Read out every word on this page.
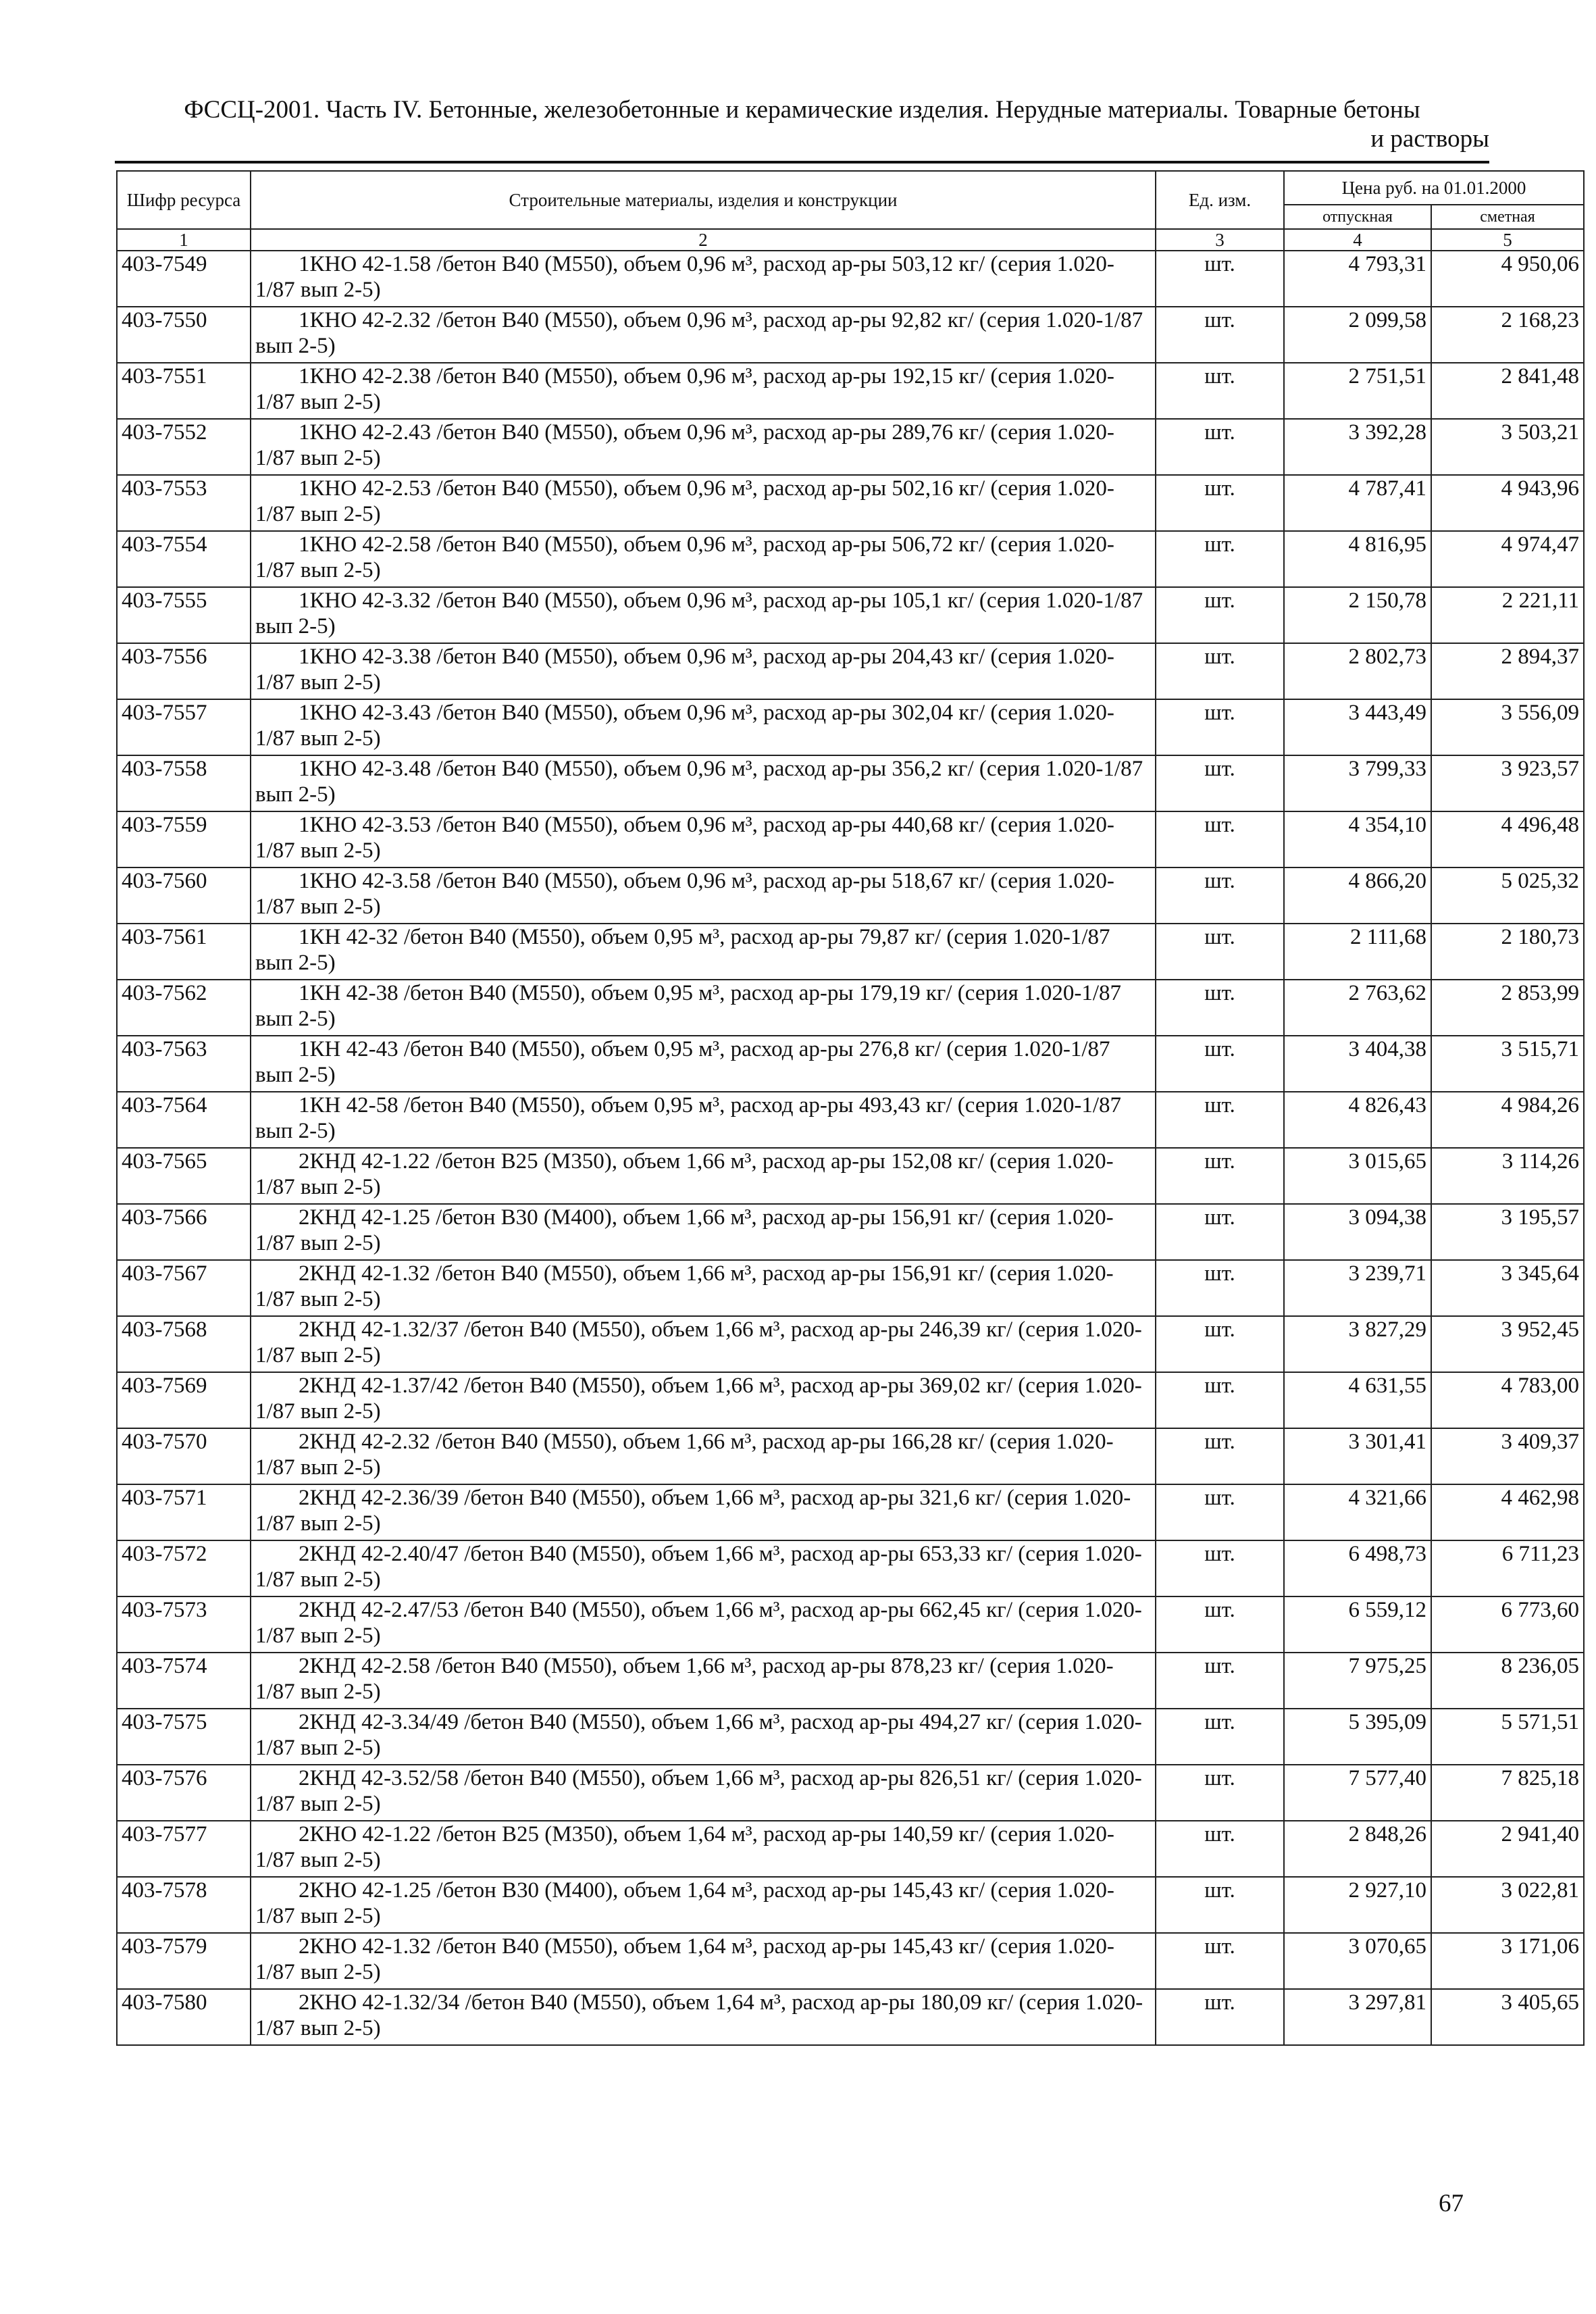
ФССЦ-2001. Часть IV. Бетонные, железобетонные и керамические изделия. Нерудные материалы. Товарные бетоны
и растворы
Шифр ресурса	Строительные материалы, изделия и конструкции	Ед. изм.	Цена руб. на 01.01.2000	
			отпускная	сметная
1	2	3	4	5
403-7549	1КНО 42-1.58 /бетон В40 (М550), объем 0,96 м³, расход ар-ры 503,12 кг/ (серия 1.020-1/87 вып 2-5)	шт.	4 793,31	4 950,06
403-7550	1КНО 42-2.32 /бетон В40 (М550), объем 0,96 м³, расход ар-ры 92,82 кг/ (серия 1.020-1/87 вып 2-5)	шт.	2 099,58	2 168,23
403-7551	1КНО 42-2.38 /бетон В40 (М550), объем 0,96 м³, расход ар-ры 192,15 кг/ (серия 1.020-1/87 вып 2-5)	шт.	2 751,51	2 841,48
403-7552	1КНО 42-2.43 /бетон В40 (М550), объем 0,96 м³, расход ар-ры 289,76 кг/ (серия 1.020-1/87 вып 2-5)	шт.	3 392,28	3 503,21
403-7553	1КНО 42-2.53 /бетон В40 (М550), объем 0,96 м³, расход ар-ры 502,16 кг/ (серия 1.020-1/87 вып 2-5)	шт.	4 787,41	4 943,96
403-7554	1КНО 42-2.58 /бетон В40 (М550), объем 0,96 м³, расход ар-ры 506,72 кг/ (серия 1.020-1/87 вып 2-5)	шт.	4 816,95	4 974,47
403-7555	1КНО 42-3.32 /бетон В40 (М550), объем 0,96 м³, расход ар-ры 105,1 кг/ (серия 1.020-1/87 вып 2-5)	шт.	2 150,78	2 221,11
403-7556	1КНО 42-3.38 /бетон В40 (М550), объем 0,96 м³, расход ар-ры 204,43 кг/ (серия 1.020-1/87 вып 2-5)	шт.	2 802,73	2 894,37
403-7557	1КНО 42-3.43 /бетон В40 (М550), объем 0,96 м³, расход ар-ры 302,04 кг/ (серия 1.020-1/87 вып 2-5)	шт.	3 443,49	3 556,09
403-7558	1КНО 42-3.48 /бетон В40 (М550), объем 0,96 м³, расход ар-ры 356,2 кг/ (серия 1.020-1/87 вып 2-5)	шт.	3 799,33	3 923,57
403-7559	1КНО 42-3.53 /бетон В40 (М550), объем 0,96 м³, расход ар-ры 440,68 кг/ (серия 1.020-1/87 вып 2-5)	шт.	4 354,10	4 496,48
403-7560	1КНО 42-3.58 /бетон В40 (М550), объем 0,96 м³, расход ар-ры 518,67 кг/ (серия 1.020-1/87 вып 2-5)	шт.	4 866,20	5 025,32
403-7561	1КН 42-32 /бетон В40 (М550), объем 0,95 м³, расход ар-ры 79,87 кг/ (серия 1.020-1/87 вып 2-5)	шт.	2 111,68	2 180,73
403-7562	1КН 42-38 /бетон В40 (М550), объем 0,95 м³, расход ар-ры 179,19 кг/ (серия 1.020-1/87 вып 2-5)	шт.	2 763,62	2 853,99
403-7563	1КН 42-43 /бетон В40 (М550), объем 0,95 м³, расход ар-ры 276,8 кг/ (серия 1.020-1/87 вып 2-5)	шт.	3 404,38	3 515,71
403-7564	1КН 42-58 /бетон В40 (М550), объем 0,95 м³, расход ар-ры 493,43 кг/ (серия 1.020-1/87 вып 2-5)	шт.	4 826,43	4 984,26
403-7565	2КНД 42-1.22 /бетон В25 (М350), объем 1,66 м³, расход ар-ры 152,08 кг/ (серия 1.020-1/87 вып 2-5)	шт.	3 015,65	3 114,26
403-7566	2КНД 42-1.25 /бетон В30 (М400), объем 1,66 м³, расход ар-ры 156,91 кг/ (серия 1.020-1/87 вып 2-5)	шт.	3 094,38	3 195,57
403-7567	2КНД 42-1.32 /бетон В40 (М550), объем 1,66 м³, расход ар-ры 156,91 кг/ (серия 1.020-1/87 вып 2-5)	шт.	3 239,71	3 345,64
403-7568	2КНД 42-1.32/37 /бетон В40 (М550), объем 1,66 м³, расход ар-ры 246,39 кг/ (серия 1.020-1/87 вып 2-5)	шт.	3 827,29	3 952,45
403-7569	2КНД 42-1.37/42 /бетон В40 (М550), объем 1,66 м³, расход ар-ры 369,02 кг/ (серия 1.020-1/87 вып 2-5)	шт.	4 631,55	4 783,00
403-7570	2КНД 42-2.32 /бетон В40 (М550), объем 1,66 м³, расход ар-ры 166,28 кг/ (серия 1.020-1/87 вып 2-5)	шт.	3 301,41	3 409,37
403-7571	2КНД 42-2.36/39 /бетон В40 (М550), объем 1,66 м³, расход ар-ры 321,6 кг/ (серия 1.020-1/87 вып 2-5)	шт.	4 321,66	4 462,98
403-7572	2КНД 42-2.40/47 /бетон В40 (М550), объем 1,66 м³, расход ар-ры 653,33 кг/ (серия 1.020-1/87 вып 2-5)	шт.	6 498,73	6 711,23
403-7573	2КНД 42-2.47/53 /бетон В40 (М550), объем 1,66 м³, расход ар-ры 662,45 кг/ (серия 1.020-1/87 вып 2-5)	шт.	6 559,12	6 773,60
403-7574	2КНД 42-2.58 /бетон В40 (М550), объем 1,66 м³, расход ар-ры 878,23 кг/ (серия 1.020-1/87 вып 2-5)	шт.	7 975,25	8 236,05
403-7575	2КНД 42-3.34/49 /бетон В40 (М550), объем 1,66 м³, расход ар-ры 494,27 кг/ (серия 1.020-1/87 вып 2-5)	шт.	5 395,09	5 571,51
403-7576	2КНД 42-3.52/58 /бетон В40 (М550), объем 1,66 м³, расход ар-ры 826,51 кг/ (серия 1.020-1/87 вып 2-5)	шт.	7 577,40	7 825,18
403-7577	2КНО 42-1.22 /бетон В25 (М350), объем 1,64 м³, расход ар-ры 140,59 кг/ (серия 1.020-1/87 вып 2-5)	шт.	2 848,26	2 941,40
403-7578	2КНО 42-1.25 /бетон В30 (М400), объем 1,64 м³, расход ар-ры 145,43 кг/ (серия 1.020-1/87 вып 2-5)	шт.	2 927,10	3 022,81
403-7579	2КНО 42-1.32 /бетон В40 (М550), объем 1,64 м³, расход ар-ры 145,43 кг/ (серия 1.020-1/87 вып 2-5)	шт.	3 070,65	3 171,06
403-7580	2КНО 42-1.32/34 /бетон В40 (М550), объем 1,64 м³, расход ар-ры 180,09 кг/ (серия 1.020-1/87 вып 2-5)	шт.	3 297,81	3 405,65
67
